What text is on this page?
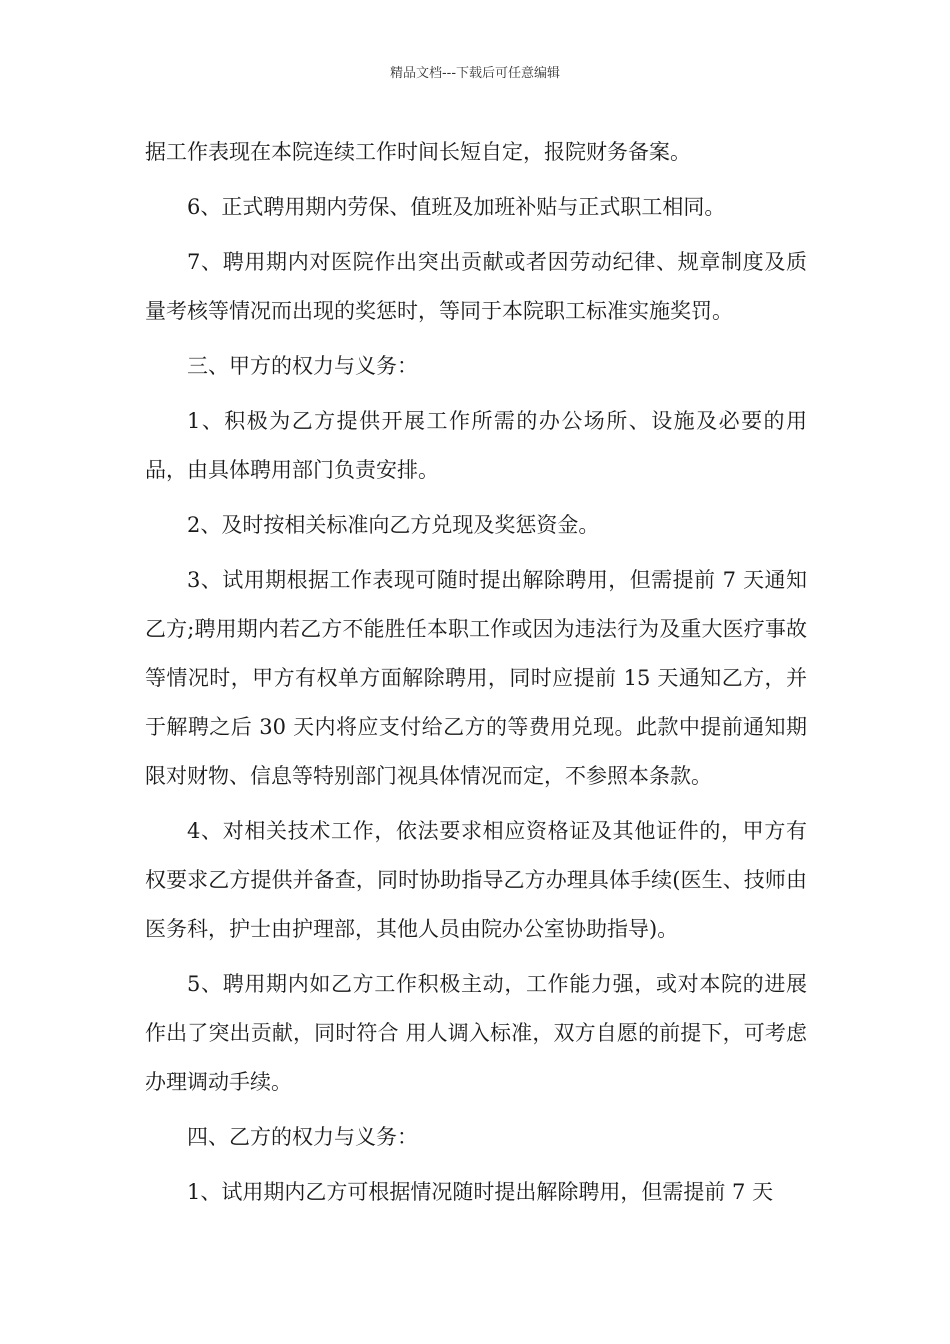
精品文档---下载后可任意编辑

据工作表现在本院连续工作时间长短自定，报院财务备案。

6、正式聘用期内劳保、值班及加班补贴与正式职工相同。

7、聘用期内对医院作出突出贡献或者因劳动纪律、规章制度及质量考核等情况而出现的奖惩时，等同于本院职工标准实施奖罚。

三、甲方的权力与义务：

1、积极为乙方提供开展工作所需的办公场所、设施及必要的用品，由具体聘用部门负责安排。

2、及时按相关标准向乙方兑现及奖惩资金。

3、试用期根据工作表现可随时提出解除聘用，但需提前 7 天通知乙方;聘用期内若乙方不能胜任本职工作或因为违法行为及重大医疗事故等情况时，甲方有权单方面解除聘用，同时应提前 15 天通知乙方，并于解聘之后 30 天内将应支付给乙方的等费用兑现。此款中提前通知期限对财物、信息等特别部门视具体情况而定，不参照本条款。

4、对相关技术工作，依法要求相应资格证及其他证件的，甲方有权要求乙方提供并备查，同时协助指导乙方办理具体手续(医生、技师由医务科，护士由护理部，其他人员由院办公室协助指导)。

5、聘用期内如乙方工作积极主动，工作能力强，或对本院的进展作出了突出贡献，同时符合 用人调入标准，双方自愿的前提下，可考虑办理调动手续。

四、乙方的权力与义务：

1、试用期内乙方可根据情况随时提出解除聘用，但需提前 7 天
